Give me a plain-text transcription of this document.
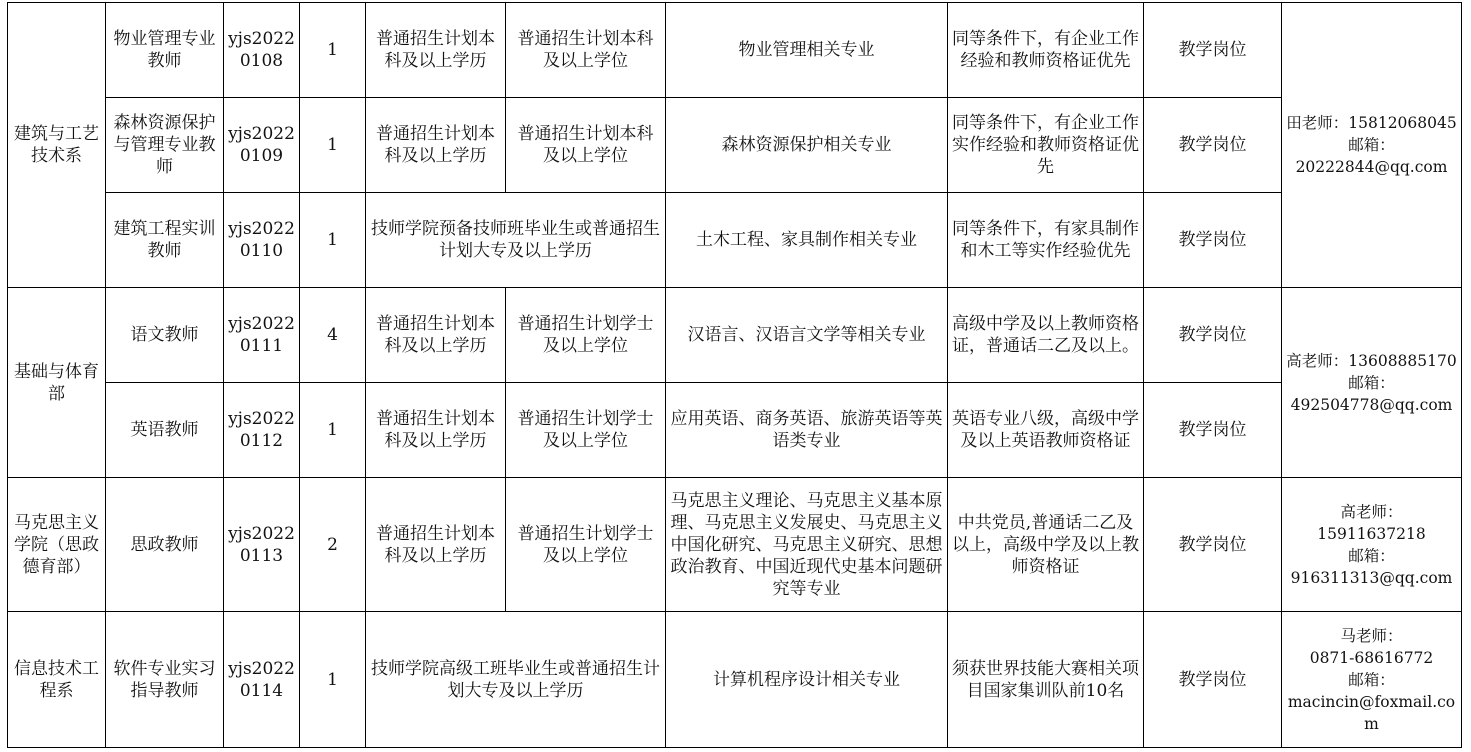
建筑与工艺技术系	物业管理专业教师	yjs20220108	1	普通招生计划本科及以上学历	普通招生计划本科及以上学位	物业管理相关专业	同等条件下，有企业工作经验和教师资格证优先	教学岗位	田老师：15812068045
邮箱：
20222844@qq.com

	森林资源保护与管理专业教师	yjs20220109	1	普通招生计划本科及以上学历	普通招生计划本科及以上学位	森林资源保护相关专业	同等条件下，有企业工作实作经验和教师资格证优先	教学岗位	
	建筑工程实训教师	yjs20220110	1	技师学院预备技师班毕业生或普通招生计划大专及以上学历		土木工程、家具制作相关专业	同等条件下，有家具制作和木工等实作经验优先	教学岗位	
基础与体育部	语文教师	yjs20220111	4	普通招生计划本科及以上学历	普通招生计划学士及以上学位	汉语言、汉语言文学等相关专业	高级中学及以上教师资格证，普通话二乙及以上。	教学岗位	高老师：13608885170
邮箱：
492504778@qq.com

	英语教师	yjs20220112	1	普通招生计划本科及以上学历	普通招生计划学士及以上学位	应用英语、商务英语、旅游英语等英语类专业	英语专业八级，高级中学及以上英语教师资格证	教学岗位	
马克思主义学院（思政德育部）	思政教师	yjs20220113	2	普通招生计划本科及以上学历	普通招生计划学士及以上学位	马克思主义理论、马克思主义基本原理、马克思主义发展史、马克思主义中国化研究、马克思主义研究、思想政治教育、中国近现代史基本问题研究等专业	中共党员,普通话二乙及以上，高级中学及以上教师资格证	教学岗位	高老师：
15911637218
邮箱：
916311313@qq.com

信息技术工程系	软件专业实习指导教师	yjs20220114	1	技师学院高级工班毕业生或普通招生计划大专及以上学历		计算机程序设计相关专业	须获世界技能大赛相关项目国家集训队前10名	教学岗位	马老师：
0871-68616772
邮箱：
macincin@foxmail.com
